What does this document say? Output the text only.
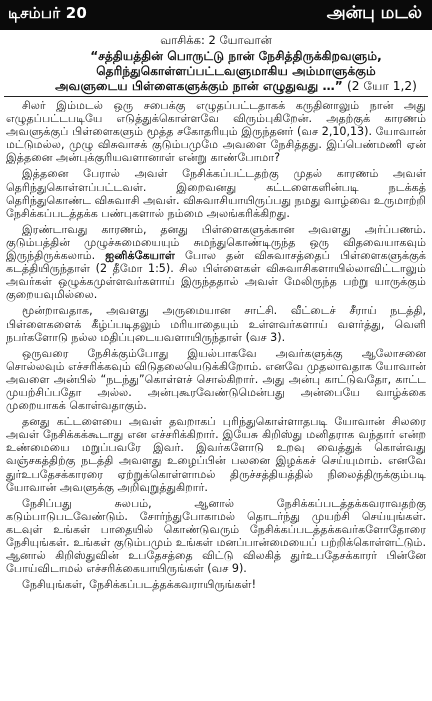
டிசம்பர் 20	அன்பு மடல்
வாசிக்க: 2 யோவான்
“சத்தியத்தின் பொருட்டு நான் நேசித்திருக்கிறவளும்,
தெரிந்துகொள்ளப்பட்டவளுமாகிய அம்மாளுக்கும்
அவளுடைய பிள்ளைகளுக்கும் நான் எழுதுவது …” (2 யோ 1,2)

சிலர் இம்மடல் ஒரு சபைக்கு எழுதப்பட்டதாகக் கருதினாலும் நான் அது எழுதப்பட்டபடியே எடுத்துக்கொள்ளவே விரும்புகிறேன். அதற்குக் காரணம் அவளுக்குப் பிள்ளைகளும் மூத்த சகோதரியும் இருந்தனர் (வச 2,10,13). யோவான் மட்டுமல்ல, முழு விசுவாசக் குடும்பமுமே அவளை நேசித்தது. இப்பெண்மணி ஏன் இத்தனை அன்புக்குரியவளானாள் என்று காண்போமா?

இத்தனை பேரால் அவள் நேசிக்கப்பட்டதற்கு முதல் காரணம் அவள் தெரிந்துகொள்ளப்பட்டவள். இறைவனது கட்டளைகளின்படி நடக்கத் தெரிந்துகொண்ட விசுவாசி அவள். விசுவாசியாயிருப்பது நமது வாழ்வை உருமாற்றி நேசிக்கப்படத்தக்க பண்புகளால் நம்மை அலங்கரிக்கிறது.

இரண்டாவது காரணம், தனது பிள்ளைகளுக்கான அவளது அர்ப்பணம். குடும்பத்தின் முழுச்சுமையையும் சுமந்துகொண்டிருந்த ஒரு விதவையாகவும் இருந்திருக்கலாம். ஐனிக்கேயாள் போல தன் விசுவாசத்தைப் பிள்ளைகளுக்குக் கடத்தியிருந்தாள் (2 தீமோ 1:5). சில பிள்ளைகள் விசுவாசிகளாயில்லாவிட்டாலும் அவர்கள் ஒழுக்கமுள்ளவர்களாய் இருந்ததால் அவள் மேலிருந்த பற்று யாருக்கும் குறையவுமில்லை.

மூன்றாவதாக, அவளது அருமையான சாட்சி. வீட்டைச் சீராய் நடத்தி, பிள்ளைகளைக் கீழ்ப்படிதலும் மரியாதையும் உள்ளவர்களாய் வளர்த்து, வெளி நபர்களோடு நல்ல மதிப்புடையவளாயிருந்தாள் (வச 3).

ஒருவரை நேசிக்கும்போது இயல்பாகவே அவர்களுக்கு ஆலோசனை சொல்லவும் எச்சரிக்கவும் விடுதலையெடுக்கிறோம். எனவே முதலாவதாக யோவான் அவளை அன்பில் “நடந்து”கொள்ளச் சொல்கிறார். அது அன்பு காட்டுவதோ, காட்ட முயற்சிப்பதோ அல்ல. அன்புகூரவேண்டுமென்பது அன்பையே வாழ்க்கை முறையாகக் கொள்வதாகும்.

தனது கட்டளையை அவள் தவறாகப் புரிந்துகொள்ளாதபடி யோவான் சிலரை அவள் நேசிக்கக்கூடாது என எச்சரிக்கிறார். இயேசு கிறிஸ்து மனிதராக வந்தார் என்ற உண்மையை மறுப்பவரே இவர். இவர்களோடு உறவு வைத்துக் கொள்வது வஞ்சகத்திற்கு நடத்தி அவளது உழைப்பின் பலனை இழக்கச் செய்யுமாம். எனவே துர்உபதேசக்காரரை ஏற்றுக்கொள்ளாமல் திருச்சத்தியத்தில் நிலைத்திருக்கும்படி யோவான் அவளுக்கு அறிவுறுத்துகிறார்.

நேசிப்பது சுலபம், ஆனால் நேசிக்கப்படத்தக்கவராவதற்கு கடும்பாடுபடவேண்டும். சோர்ந்துபோகாமல் தொடர்ந்து முயற்சி செய்யுங்கள். கடவுள் உங்கள் பாதையில் கொண்டுவரும் நேசிக்கப்படத்தக்கவர்களோதோரை நேசியுங்கள். உங்கள் குடும்பமும் உங்கள் மனப்பான்மையைப் பற்றிக்கொள்ளட்டும். ஆனால் கிறிஸ்துவின் உபதேசத்தை விட்டு விலகித் துர்உபதேசக்காரர் பின்னே போய்விடாமல் எச்சரிக்கையாயிருங்கள் (வச 9).

நேசியுங்கள், நேசிக்கப்படத்தக்கவராயிருங்கள்!
